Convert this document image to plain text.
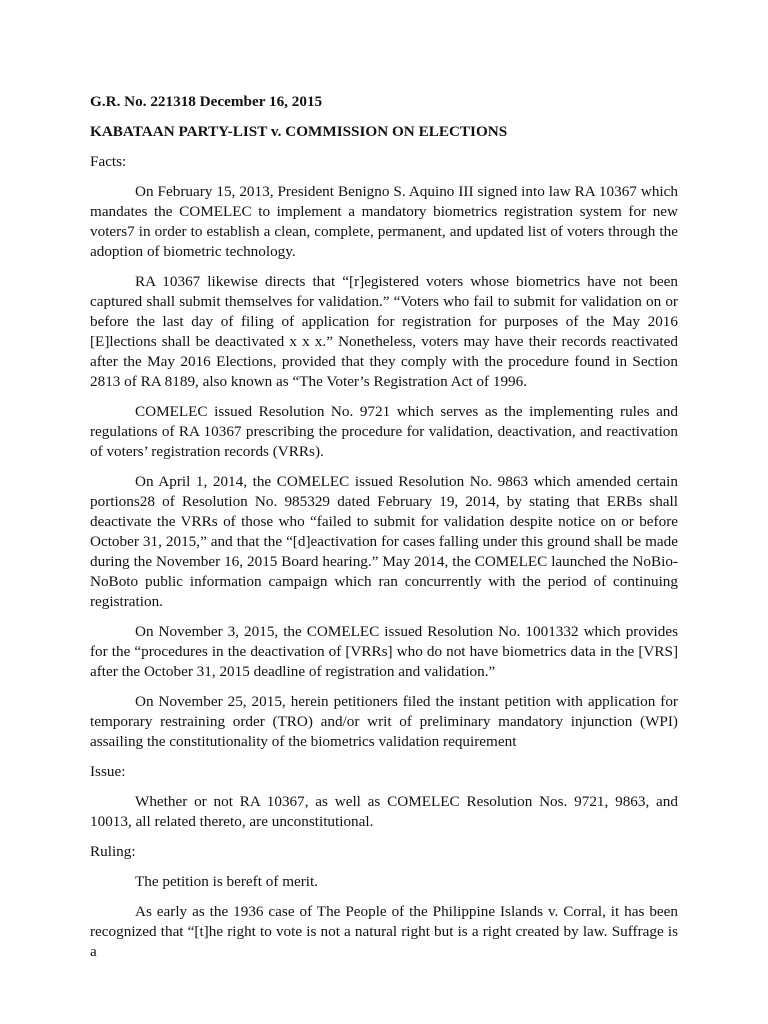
G.R. No. 221318 December 16, 2015

KABATAAN PARTY-LIST v. COMMISSION ON ELECTIONS

Facts:

On February 15, 2013, President Benigno S. Aquino III signed into law RA 10367 which mandates the COMELEC to implement a mandatory biometrics registration system for new voters7 in order to establish a clean, complete, permanent, and updated list of voters through the adoption of biometric technology.

RA 10367 likewise directs that “[r]egistered voters whose biometrics have not been captured shall submit themselves for validation.” “Voters who fail to submit for validation on or before the last day of filing of application for registration for purposes of the May 2016 [E]lections shall be deactivated x x x.” Nonetheless, voters may have their records reactivated after the May 2016 Elections, provided that they comply with the procedure found in Section 2813 of RA 8189, also known as “The Voter’s Registration Act of 1996.

COMELEC issued Resolution No. 9721 which serves as the implementing rules and regulations of RA 10367 prescribing the procedure for validation, deactivation, and reactivation of voters’ registration records (VRRs).

On April 1, 2014, the COMELEC issued Resolution No. 9863 which amended certain portions28 of Resolution No. 985329 dated February 19, 2014, by stating that ERBs shall deactivate the VRRs of those who “failed to submit for validation despite notice on or before October 31, 2015,” and that the “[d]eactivation for cases falling under this ground shall be made during the November 16, 2015 Board hearing.” May 2014, the COMELEC launched the NoBio-NoBoto public information campaign which ran concurrently with the period of continuing registration.

On November 3, 2015, the COMELEC issued Resolution No. 1001332 which provides for the “procedures in the deactivation of [VRRs] who do not have biometrics data in the [VRS] after the October 31, 2015 deadline of registration and validation.”

On November 25, 2015, herein petitioners filed the instant petition with application for temporary restraining order (TRO) and/or writ of preliminary mandatory injunction (WPI) assailing the constitutionality of the biometrics validation requirement

Issue:

Whether or not RA 10367, as well as COMELEC Resolution Nos. 9721, 9863, and 10013, all related thereto, are unconstitutional.

Ruling:

The petition is bereft of merit.

As early as the 1936 case of The People of the Philippine Islands v. Corral, it has been recognized that “[t]he right to vote is not a natural right but is a right created by law. Suffrage is a
